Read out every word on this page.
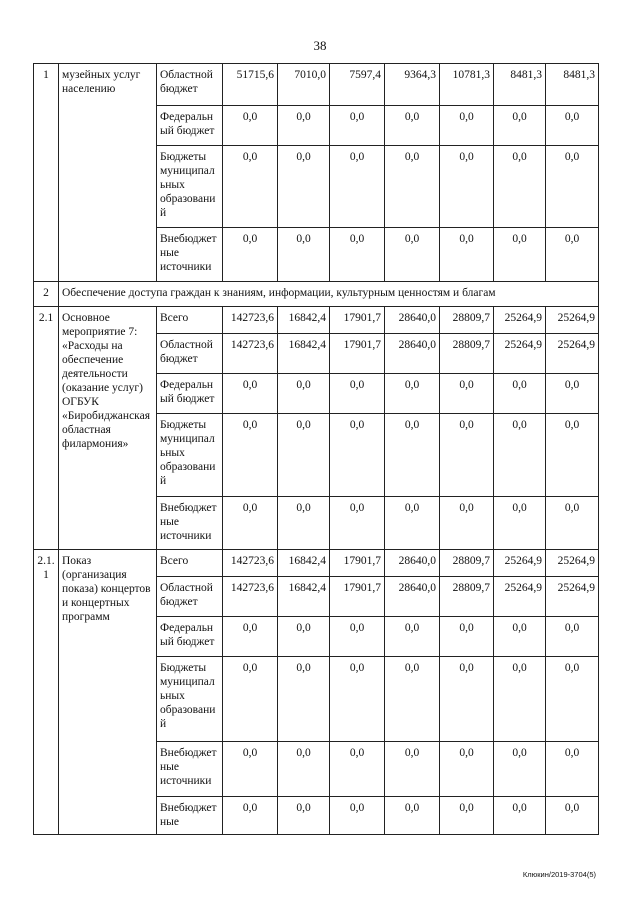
38
1	музейных услуг населению	Областной бюджет	51715,6	7010,0	7597,4	9364,3	10781,3	8481,3	8481,3
		Федеральный бюджет	0,0	0,0	0,0	0,0	0,0	0,0	0,0
		Бюджеты муниципальных образований	0,0	0,0	0,0	0,0	0,0	0,0	0,0
		Внебюджетные источники	0,0	0,0	0,0	0,0	0,0	0,0	0,0
2	Обеспечение доступа граждан к знаниям, информации, культурным ценностям и благам								
2.1	Основное мероприятие 7: «Расходы на обеспечение деятельности (оказание услуг) ОГБУК «Биробиджанская областная филармония»	Всего	142723,6	16842,4	17901,7	28640,0	28809,7	25264,9	25264,9
		Областной бюджет	142723,6	16842,4	17901,7	28640,0	28809,7	25264,9	25264,9
		Федеральный бюджет	0,0	0,0	0,0	0,0	0,0	0,0	0,0
		Бюджеты муниципальных образований	0,0	0,0	0,0	0,0	0,0	0,0	0,0
		Внебюджетные источники	0,0	0,0	0,0	0,0	0,0	0,0	0,0
2.1.1	Показ (организация показа) концертов и концертных программ	Всего	142723,6	16842,4	17901,7	28640,0	28809,7	25264,9	25264,9
		Областной бюджет	142723,6	16842,4	17901,7	28640,0	28809,7	25264,9	25264,9
		Федеральный бюджет	0,0	0,0	0,0	0,0	0,0	0,0	0,0
		Бюджеты муниципальных образований	0,0	0,0	0,0	0,0	0,0	0,0	0,0
		Внебюджетные источники	0,0	0,0	0,0	0,0	0,0	0,0	0,0
		Внебюджетные	0,0	0,0	0,0	0,0	0,0	0,0	0,0
Клюкин/2019-3704(5)
